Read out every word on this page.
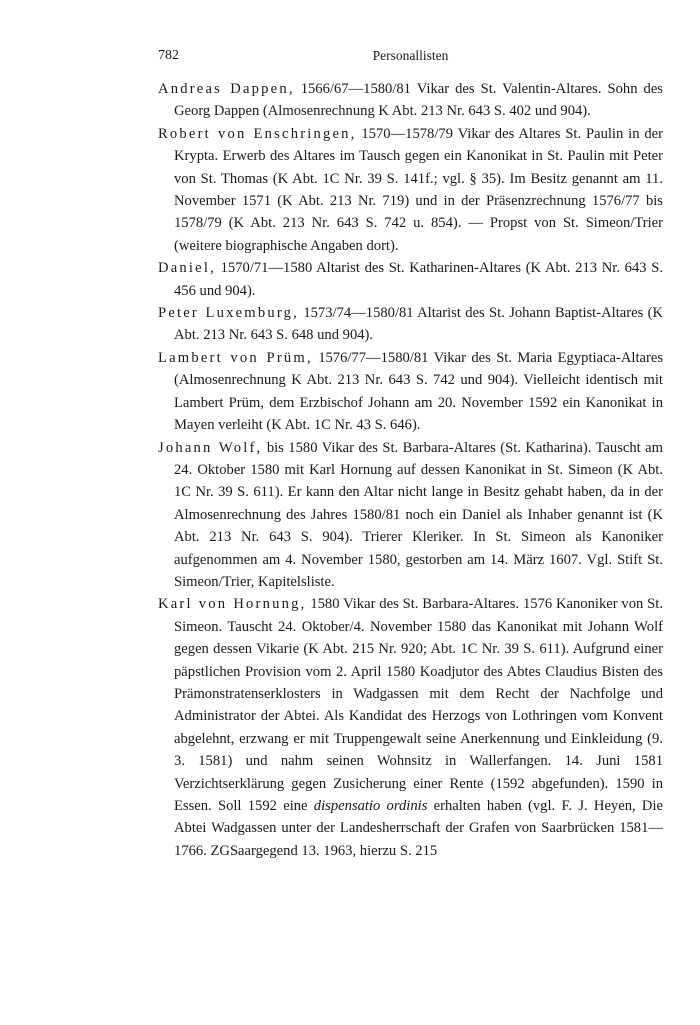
782	Personallisten

Andreas Dappen, 1566/67—1580/81 Vikar des St. Valentin-Altares. Sohn des Georg Dappen (Almosenrechnung K Abt. 213 Nr. 643 S. 402 und 904).

Robert von Enschringen, 1570—1578/79 Vikar des Altares St. Paulin in der Krypta. Erwerb des Altares im Tausch gegen ein Kanonikat in St. Paulin mit Peter von St. Thomas (K Abt. 1C Nr. 39 S. 141f.; vgl. § 35). Im Besitz genannt am 11. November 1571 (K Abt. 213 Nr. 719) und in der Präsenzrechnung 1576/77 bis 1578/79 (K Abt. 213 Nr. 643 S. 742 u. 854). — Propst von St. Simeon/Trier (weitere biographische Angaben dort).

Daniel, 1570/71—1580 Altarist des St. Katharinen-Altares (K Abt. 213 Nr. 643 S. 456 und 904).

Peter Luxemburg, 1573/74—1580/81 Altarist des St. Johann Baptist-Altares (K Abt. 213 Nr. 643 S. 648 und 904).

Lambert von Prüm, 1576/77—1580/81 Vikar des St. Maria Egyptiaca-Altares (Almosenrechnung K Abt. 213 Nr. 643 S. 742 und 904). Vielleicht identisch mit Lambert Prüm, dem Erzbischof Johann am 20. November 1592 ein Kanonikat in Mayen verleiht (K Abt. 1C Nr. 43 S. 646).

Johann Wolf, bis 1580 Vikar des St. Barbara-Altares (St. Katharina). Tauscht am 24. Oktober 1580 mit Karl Hornung auf dessen Kanonikat in St. Simeon (K Abt. 1C Nr. 39 S. 611). Er kann den Altar nicht lange in Besitz gehabt haben, da in der Almosenrechnung des Jahres 1580/81 noch ein Daniel als Inhaber genannt ist (K Abt. 213 Nr. 643 S. 904). Trierer Kleriker. In St. Simeon als Kanoniker aufgenommen am 4. November 1580, gestorben am 14. März 1607. Vgl. Stift St. Simeon/Trier, Kapitelsliste.

Karl von Hornung, 1580 Vikar des St. Barbara-Altares. 1576 Kanoniker von St. Simeon. Tauscht 24. Oktober/4. November 1580 das Kanonikat mit Johann Wolf gegen dessen Vikarie (K Abt. 215 Nr. 920; Abt. 1C Nr. 39 S. 611). Aufgrund einer päpstlichen Provision vom 2. April 1580 Koadjutor des Abtes Claudius Bisten des Prämonstratenserklosters in Wadgassen mit dem Recht der Nachfolge und Administrator der Abtei. Als Kandidat des Herzogs von Lothringen vom Konvent abgelehnt, erzwang er mit Truppengewalt seine Anerkennung und Einkleidung (9. 3. 1581) und nahm seinen Wohnsitz in Wallerfangen. 14. Juni 1581 Verzichtserklärung gegen Zusicherung einer Rente (1592 abgefunden). 1590 in Essen. Soll 1592 eine dispensatio ordinis erhalten haben (vgl. F. J. Heyen, Die Abtei Wadgassen unter der Landesherrschaft der Grafen von Saarbrücken 1581—1766. ZGSaargegend 13. 1963, hierzu S. 215
